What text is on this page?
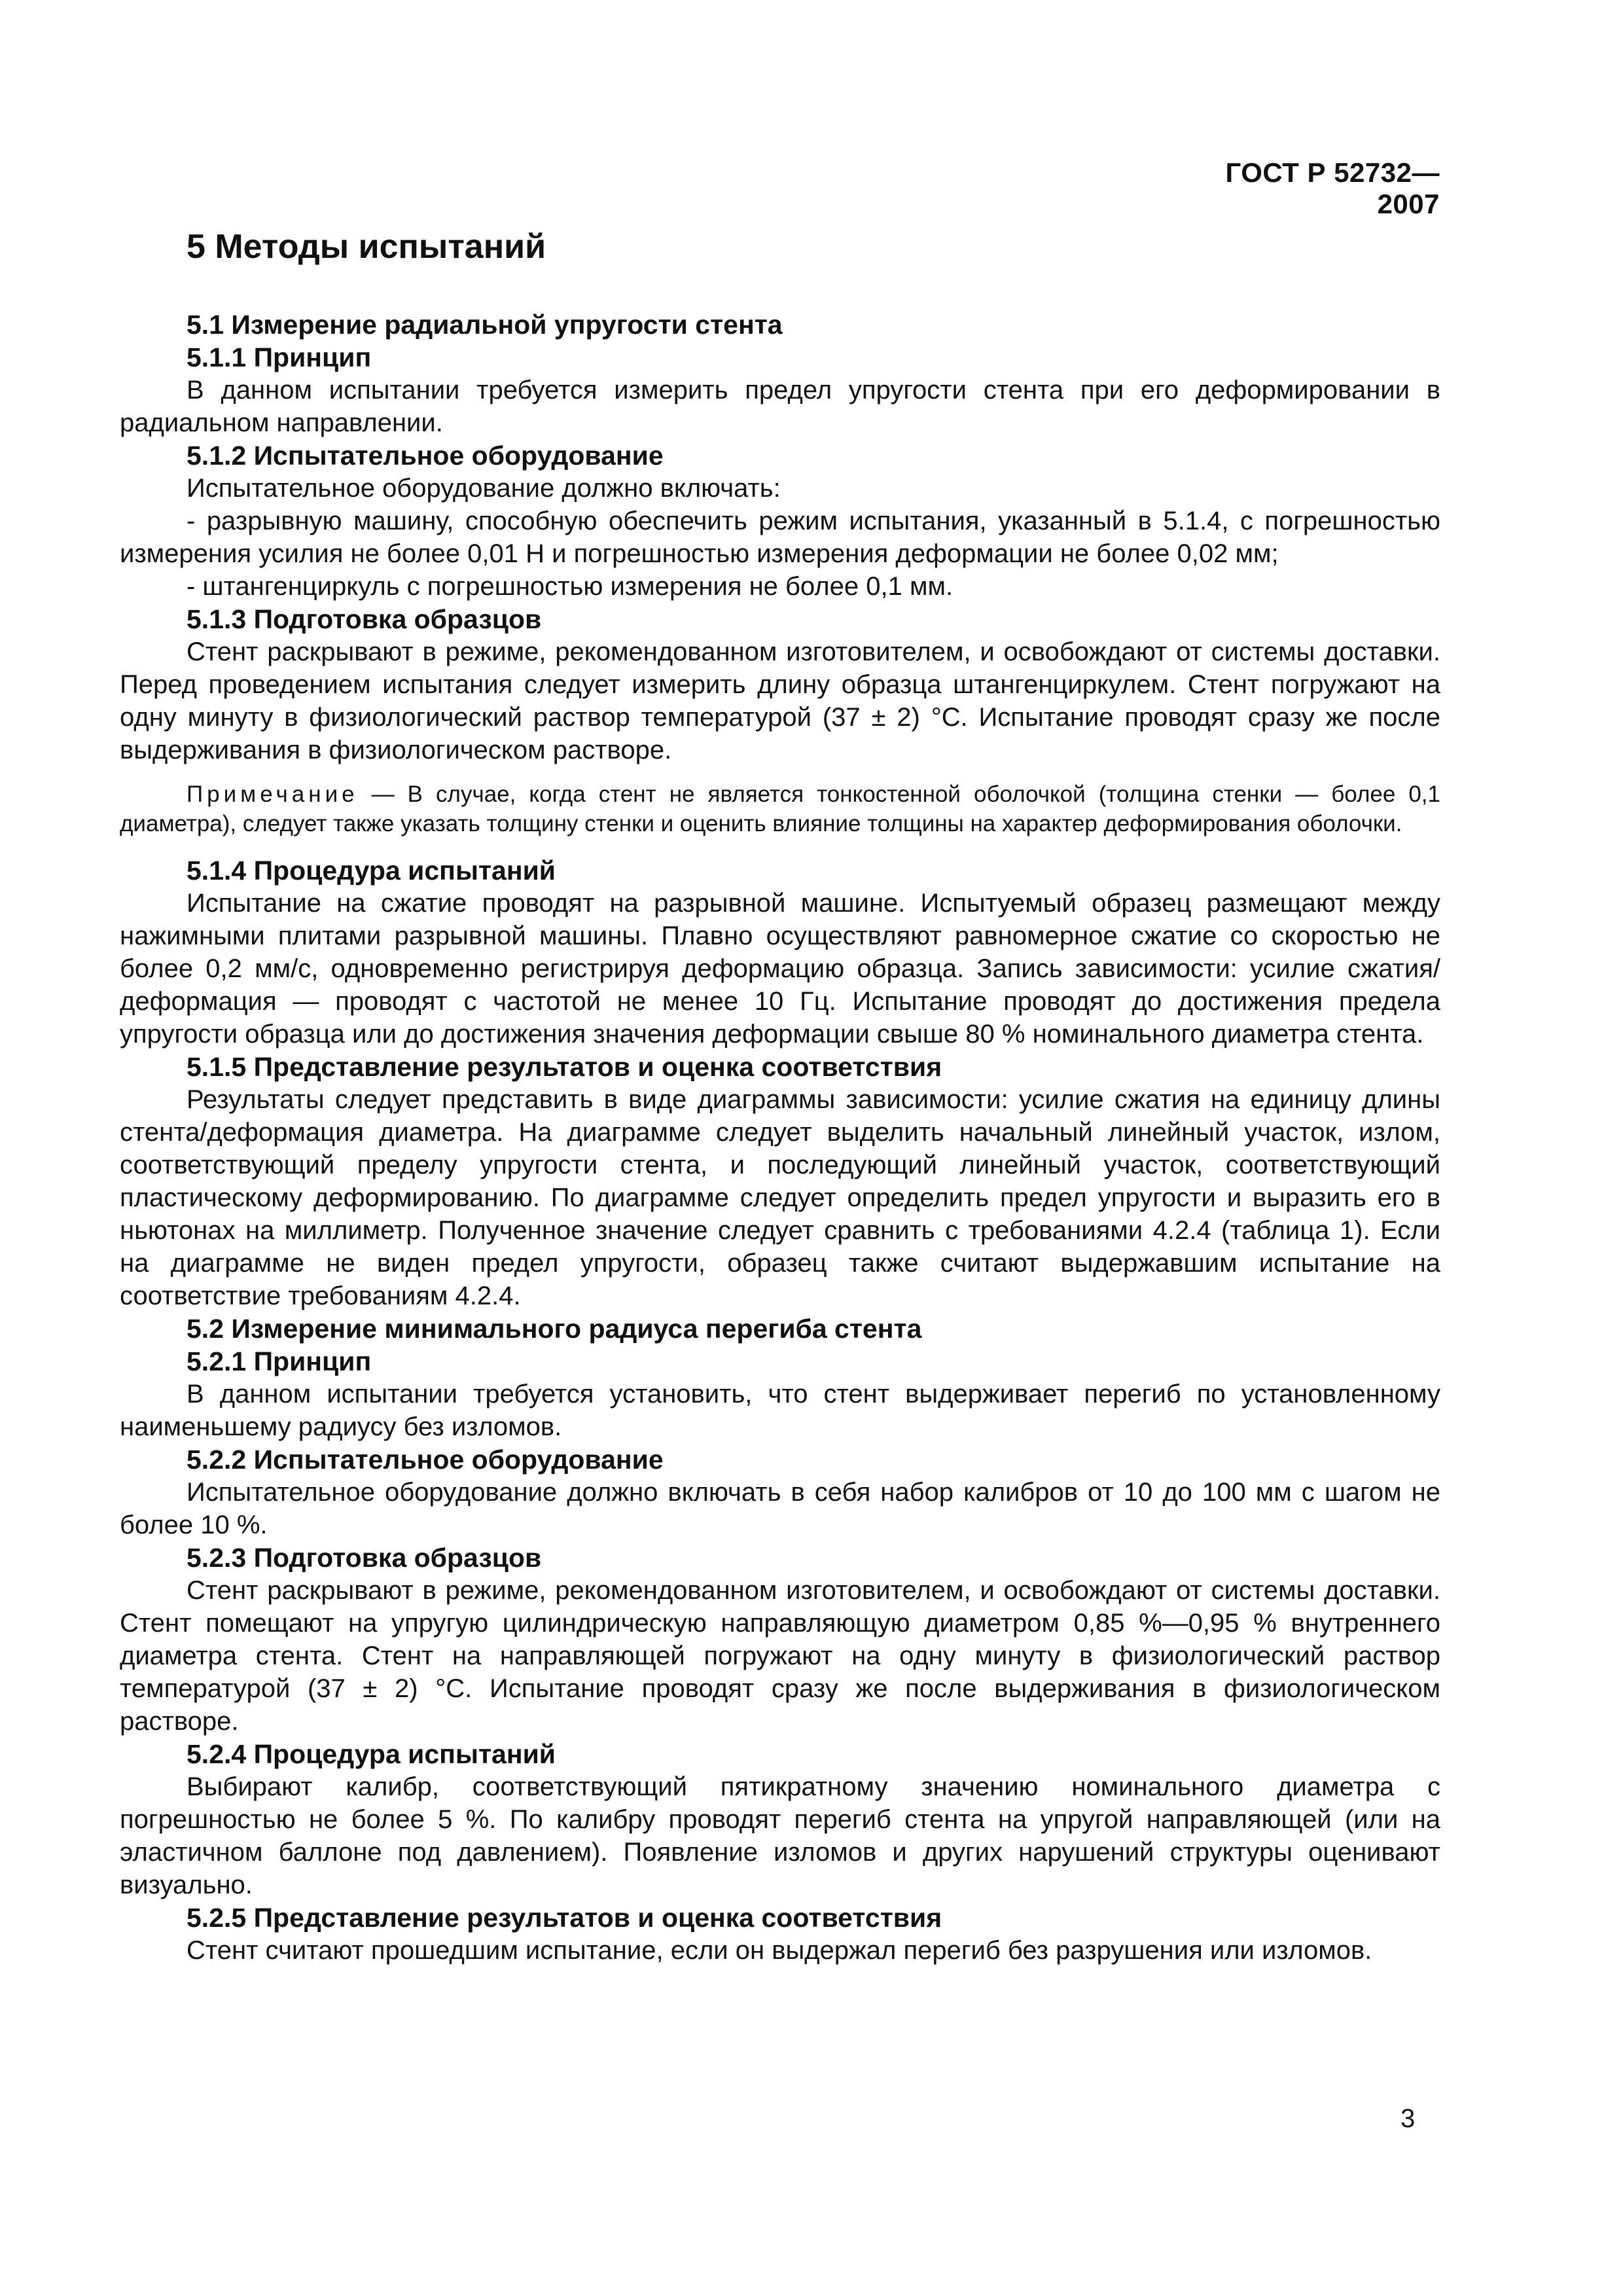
ГОСТ Р 52732—2007
5 Методы испытаний
5.1 Измерение радиальной упругости стента
5.1.1 Принцип

В данном испытании требуется измерить предел упругости стента при его деформировании в радиальном направлении.

5.1.2 Испытательное оборудование

Испытательное оборудование должно включать:

- разрывную машину, способную обеспечить режим испытания, указанный в 5.1.4, с погрешностью измерения усилия не более 0,01 Н и погрешностью измерения деформации не более 0,02 мм;

- штангенциркуль с погрешностью измерения не более 0,1 мм.

5.1.3 Подготовка образцов

Стент раскрывают в режиме, рекомендованном изготовителем, и освобождают от системы доставки. Перед проведением испытания следует измерить длину образца штангенциркулем. Стент погружают на одну минуту в физиологический раствор температурой (37 ± 2) °С. Испытание проводят сразу же после выдерживания в физиологическом растворе.

Примечание — В случае, когда стент не является тонкостенной оболочкой (толщина стенки — более 0,1 диаметра), следует также указать толщину стенки и оценить влияние толщины на характер деформирования оболочки.

5.1.4 Процедура испытаний

Испытание на сжатие проводят на разрывной машине. Испытуемый образец размещают между нажимными плитами разрывной машины. Плавно осуществляют равномерное сжатие со скоростью не более 0,2 мм/с, одновременно регистрируя деформацию образца. Запись зависимости: усилие сжатия/деформация — проводят с частотой не менее 10 Гц. Испытание проводят до достижения предела упругости образца или до достижения значения деформации свыше 80 % номинального диаметра стента.

5.1.5 Представление результатов и оценка соответствия

Результаты следует представить в виде диаграммы зависимости: усилие сжатия на единицу длины стента/деформация диаметра. На диаграмме следует выделить начальный линейный участок, излом, соответствующий пределу упругости стента, и последующий линейный участок, соответствующий пластическому деформированию. По диаграмме следует определить предел упругости и выразить его в ньютонах на миллиметр. Полученное значение следует сравнить с требованиями 4.2.4 (таблица 1). Если на диаграмме не виден предел упругости, образец также считают выдержавшим испытание на соответствие требованиям 4.2.4.

5.2 Измерение минимального радиуса перегиба стента
5.2.1 Принцип

В данном испытании требуется установить, что стент выдерживает перегиб по установленному наименьшему радиусу без изломов.

5.2.2 Испытательное оборудование

Испытательное оборудование должно включать в себя набор калибров от 10 до 100 мм с шагом не более 10 %.

5.2.3 Подготовка образцов

Стент раскрывают в режиме, рекомендованном изготовителем, и освобождают от системы доставки. Стент помещают на упругую цилиндрическую направляющую диаметром 0,85 %—0,95 % внутреннего диаметра стента. Стент на направляющей погружают на одну минуту в физиологический раствор температурой (37 ± 2) °С. Испытание проводят сразу же после выдерживания в физиологическом растворе.

5.2.4 Процедура испытаний

Выбирают калибр, соответствующий пятикратному значению номинального диаметра с погрешностью не более 5 %. По калибру проводят перегиб стента на упругой направляющей (или на эластичном баллоне под давлением). Появление изломов и других нарушений структуры оценивают визуально.

5.2.5 Представление результатов и оценка соответствия

Стент считают прошедшим испытание, если он выдержал перегиб без разрушения или изломов.

3
